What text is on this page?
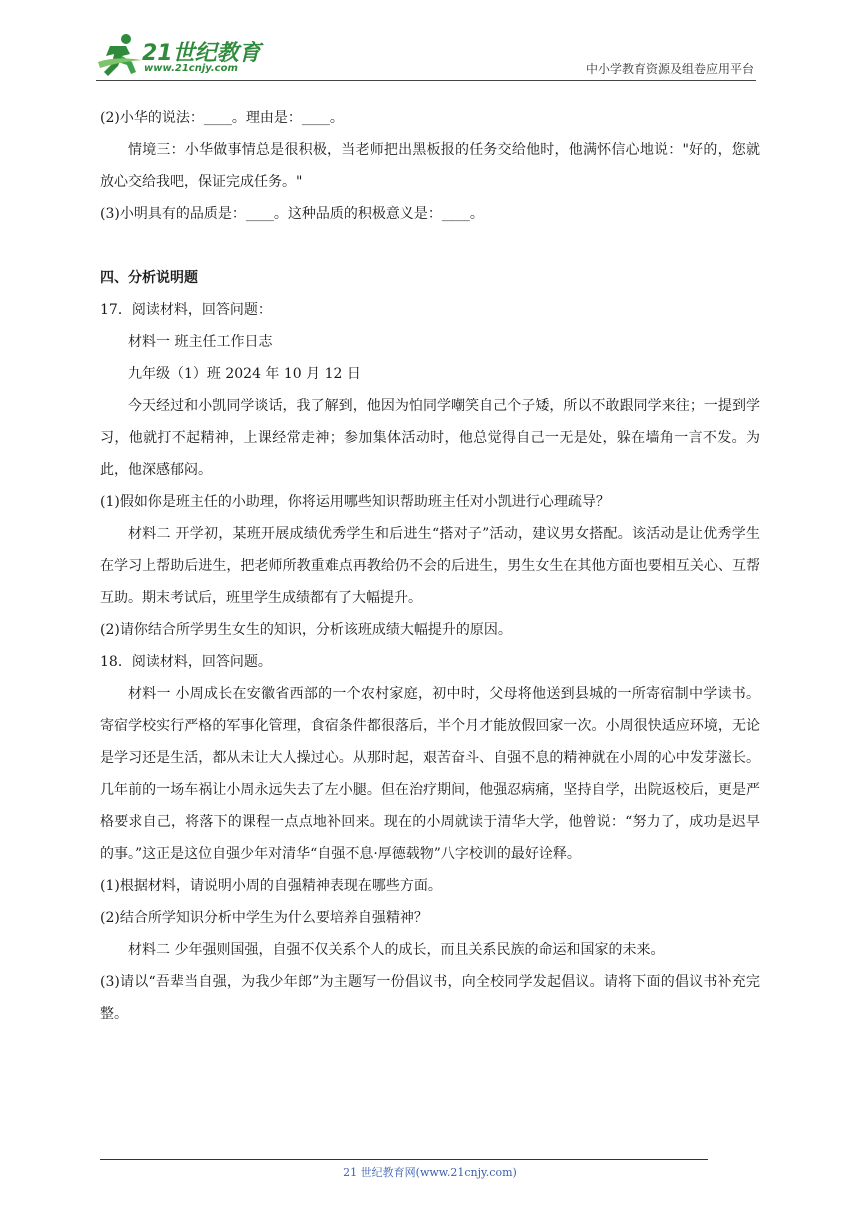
21世纪教育
www.21cnjy.com	中小学教育资源及组卷应用平台

(2)小华的说法：____。理由是：____。

情境三：小华做事情总是很积极，当老师把出黑板报的任务交给他时，他满怀信心地说："好的，您就放心交给我吧，保证完成任务。"

(3)小明具有的品质是：____。这种品质的积极意义是：____。

四、分析说明题

17．阅读材料，回答问题：

材料一 班主任工作日志

九年级（1）班 2024 年 10 月 12 日

今天经过和小凯同学谈话，我了解到，他因为怕同学嘲笑自己个子矮，所以不敢跟同学来往；一提到学习，他就打不起精神，上课经常走神；参加集体活动时，他总觉得自己一无是处，躲在墙角一言不发。为此，他深感郁闷。

(1)假如你是班主任的小助理，你将运用哪些知识帮助班主任对小凯进行心理疏导？

材料二 开学初，某班开展成绩优秀学生和后进生“搭对子”活动，建议男女搭配。该活动是让优秀学生在学习上帮助后进生，把老师所教重难点再教给仍不会的后进生，男生女生在其他方面也要相互关心、互帮互助。期末考试后，班里学生成绩都有了大幅提升。

(2)请你结合所学男生女生的知识，分析该班成绩大幅提升的原因。

18．阅读材料，回答问题。

材料一 小周成长在安徽省西部的一个农村家庭，初中时，父母将他送到县城的一所寄宿制中学读书。寄宿学校实行严格的军事化管理，食宿条件都很落后，半个月才能放假回家一次。小周很快适应环境，无论是学习还是生活，都从未让大人操过心。从那时起，艰苦奋斗、自强不息的精神就在小周的心中发芽滋长。几年前的一场车祸让小周永远失去了左小腿。但在治疗期间，他强忍病痛，坚持自学，出院返校后，更是严格要求自己，将落下的课程一点点地补回来。现在的小周就读于清华大学，他曾说：“努力了，成功是迟早的事。”这正是这位自强少年对清华“自强不息·厚德载物”八字校训的最好诠释。

(1)根据材料，请说明小周的自强精神表现在哪些方面。

(2)结合所学知识分析中学生为什么要培养自强精神？

材料二 少年强则国强，自强不仅关系个人的成长，而且关系民族的命运和国家的未来。

(3)请以“吾辈当自强，为我少年郎”为主题写一份倡议书，向全校同学发起倡议。请将下面的倡议书补充完整。

21 世纪教育网(www.21cnjy.com)
